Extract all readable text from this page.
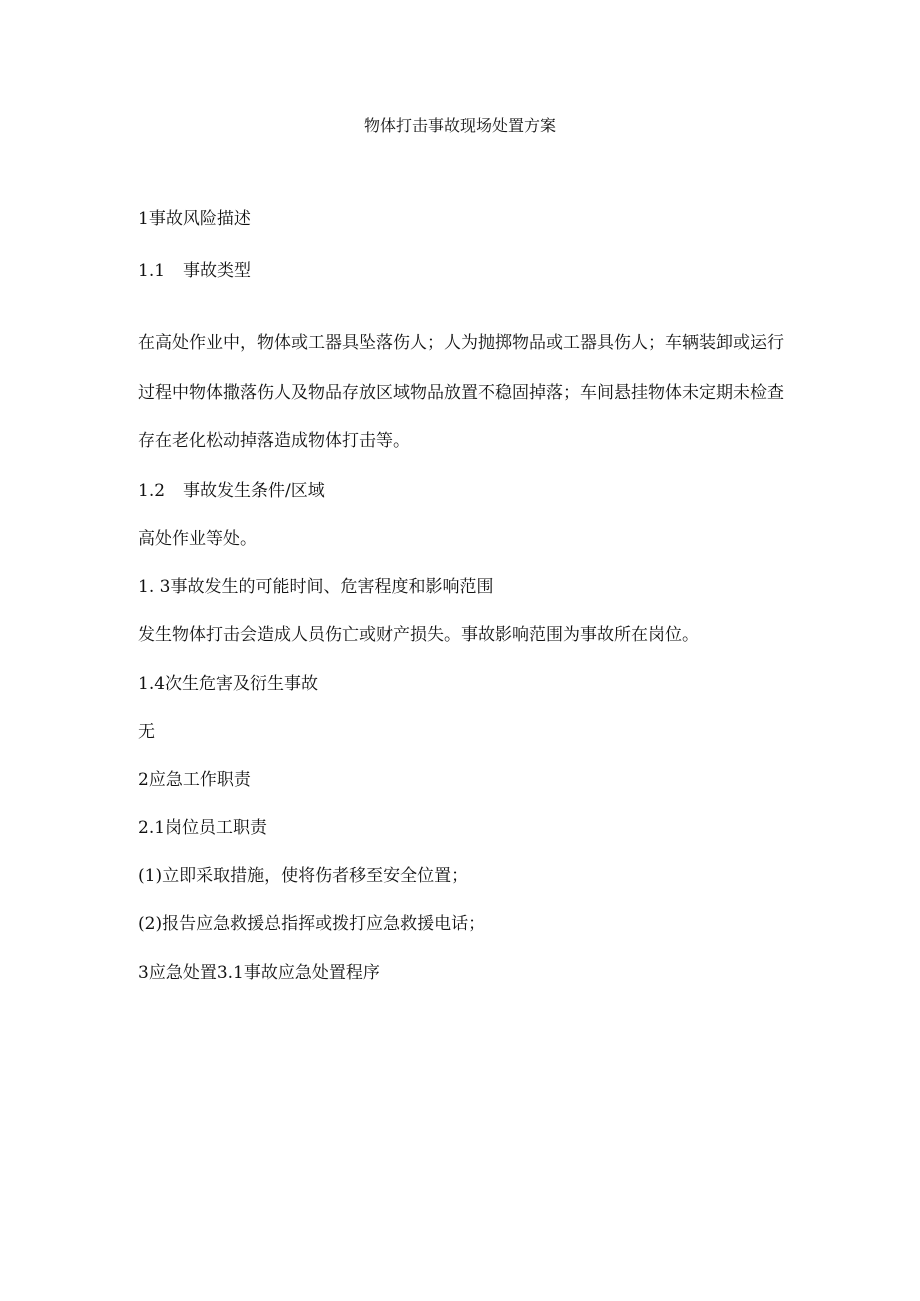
物体打击事故现场处置方案
1事故风险描述
1.1 事故类型
在高处作业中，物体或工器具坠落伤人；人为抛掷物品或工器具伤人；车辆装卸或运行
过程中物体撒落伤人及物品存放区域物品放置不稳固掉落；车间悬挂物体未定期未检查
存在老化松动掉落造成物体打击等。
1.2 事故发生条件/区域
高处作业等处。
1. 3事故发生的可能时间、危害程度和影响范围
发生物体打击会造成人员伤亡或财产损失。事故影响范围为事故所在岗位。
1.4次生危害及衍生事故
无
2应急工作职责
2.1岗位员工职责
(1)立即采取措施，使将伤者移至安全位置；
(2)报告应急救援总指挥或拨打应急救援电话；
3应急处置3.1事故应急处置程序
